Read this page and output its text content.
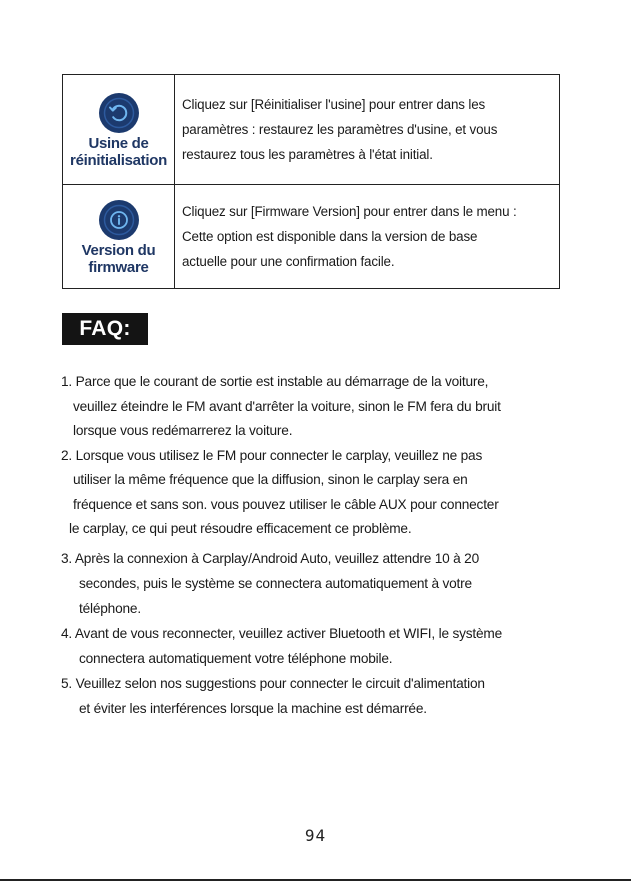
Usine de
réinitialisation	Cliquez sur [Réinitialiser l'usine] pour entrer dans les
paramètres : restaurez les paramètres d'usine, et vous
restaurez tous les paramètres à l'état initial.

Version du
firmware	Cliquez sur [Firmware Version] pour entrer dans le menu :
Cette option est disponible dans la version de base
actuelle pour une confirmation facile.
FAQ:
1. Parce que le courant de sortie est instable au démarrage de la voiture,
veuillez éteindre le FM avant d'arrêter la voiture, sinon le FM fera du bruit
lorsque vous redémarrerez la voiture.
2. Lorsque vous utilisez le FM pour connecter le carplay, veuillez ne pas
utiliser la même fréquence que la diffusion, sinon le carplay sera en
fréquence et sans son. vous pouvez utiliser le câble AUX pour connecter
le carplay, ce qui peut résoudre efficacement ce problème.
3. Après la connexion à Carplay/Android Auto, veuillez attendre 10 à 20
secondes, puis le système se connectera automatiquement à votre
téléphone.
4. Avant de vous reconnecter, veuillez activer Bluetooth et WIFI, le système
connectera automatiquement votre téléphone mobile.
5. Veuillez selon nos suggestions pour connecter le circuit d'alimentation
et éviter les interférences lorsque la machine est démarrée.
94
